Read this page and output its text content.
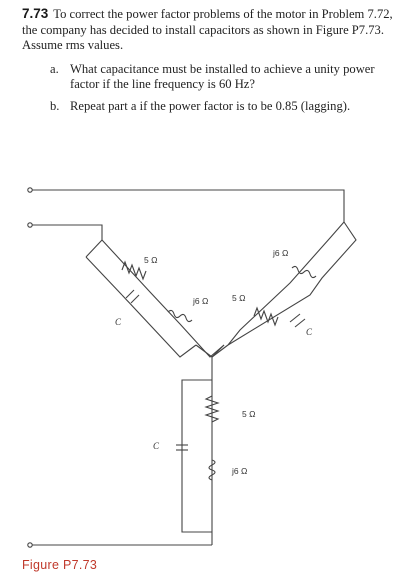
7.73 To correct the power factor problems of the motor in Problem 7.72, the company has decided to install capacitors as shown in Figure P7.73. Assume rms values.
a. What capacitance must be installed to achieve a unity power factor if the line frequency is 60 Hz?
b. Repeat part a if the power factor is to be 0.85 (lagging).
5 Ω
C
j6 Ω	5 Ω
j6 Ω
C
5 Ω
j6 Ω
C
Figure P7.73
